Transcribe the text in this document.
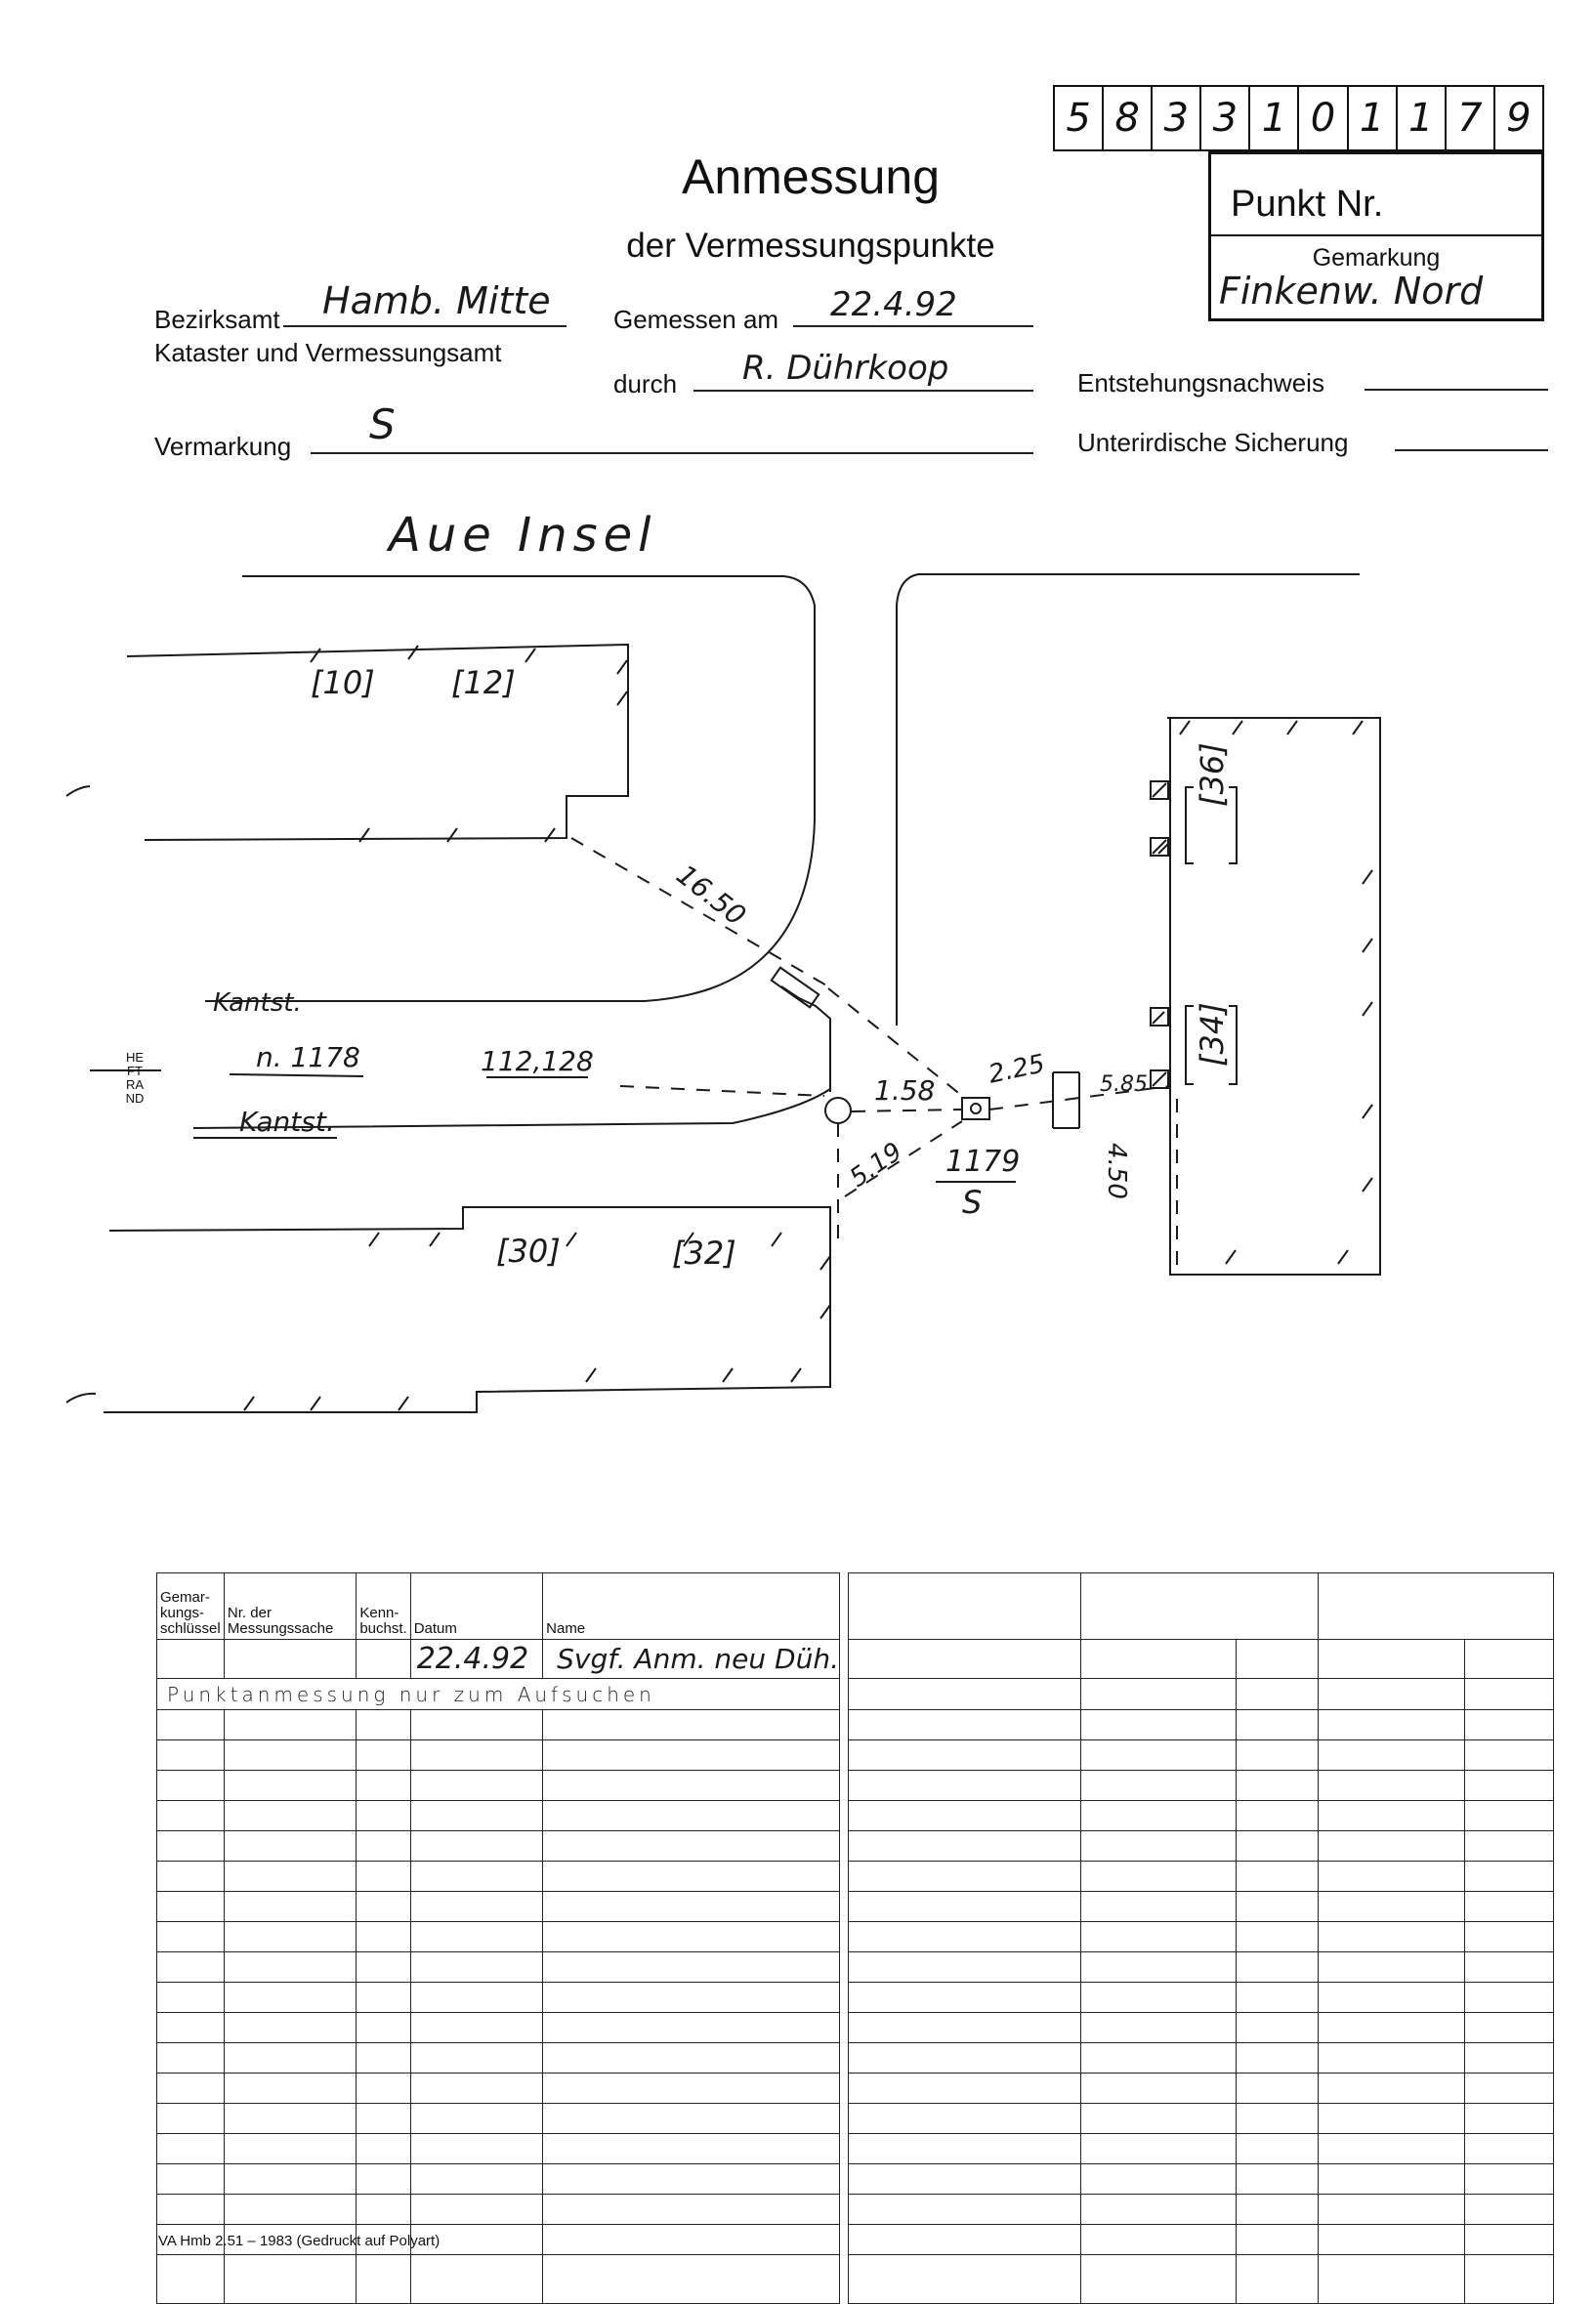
5 8 3 3 1 0 1 1 7 9
Punkt Nr.
Gemarkung
Finkenw. Nord
Anmessung
der Vermessungspunkte
Bezirksamt Hamb. Mitte
Kataster und Vermessungsamt
Gemessen am 22.4.92
durch R. Dührkoop	Entstehungsnachweis
Vermarkung S	Unterirdische Sicherung
Aue Insel
[10] [12]
[36]
[34]
[30]	[32]
Kantst.
Kantst.
n. 1178	112,128
16.50
1.58
2.25 5.85
5.19	4.50
1179
S
HEFTRAND
Gemar-kungs-schlüssel	Nr. der Messungssache	Kenn-buchst.	Datum	Name
			22.4.92	Svgf. Anm. neu Düh.
Punktanmessung nur zum Aufsuchen				

VA Hmb 2.51 – 1983 (Gedruckt auf Polyart)
